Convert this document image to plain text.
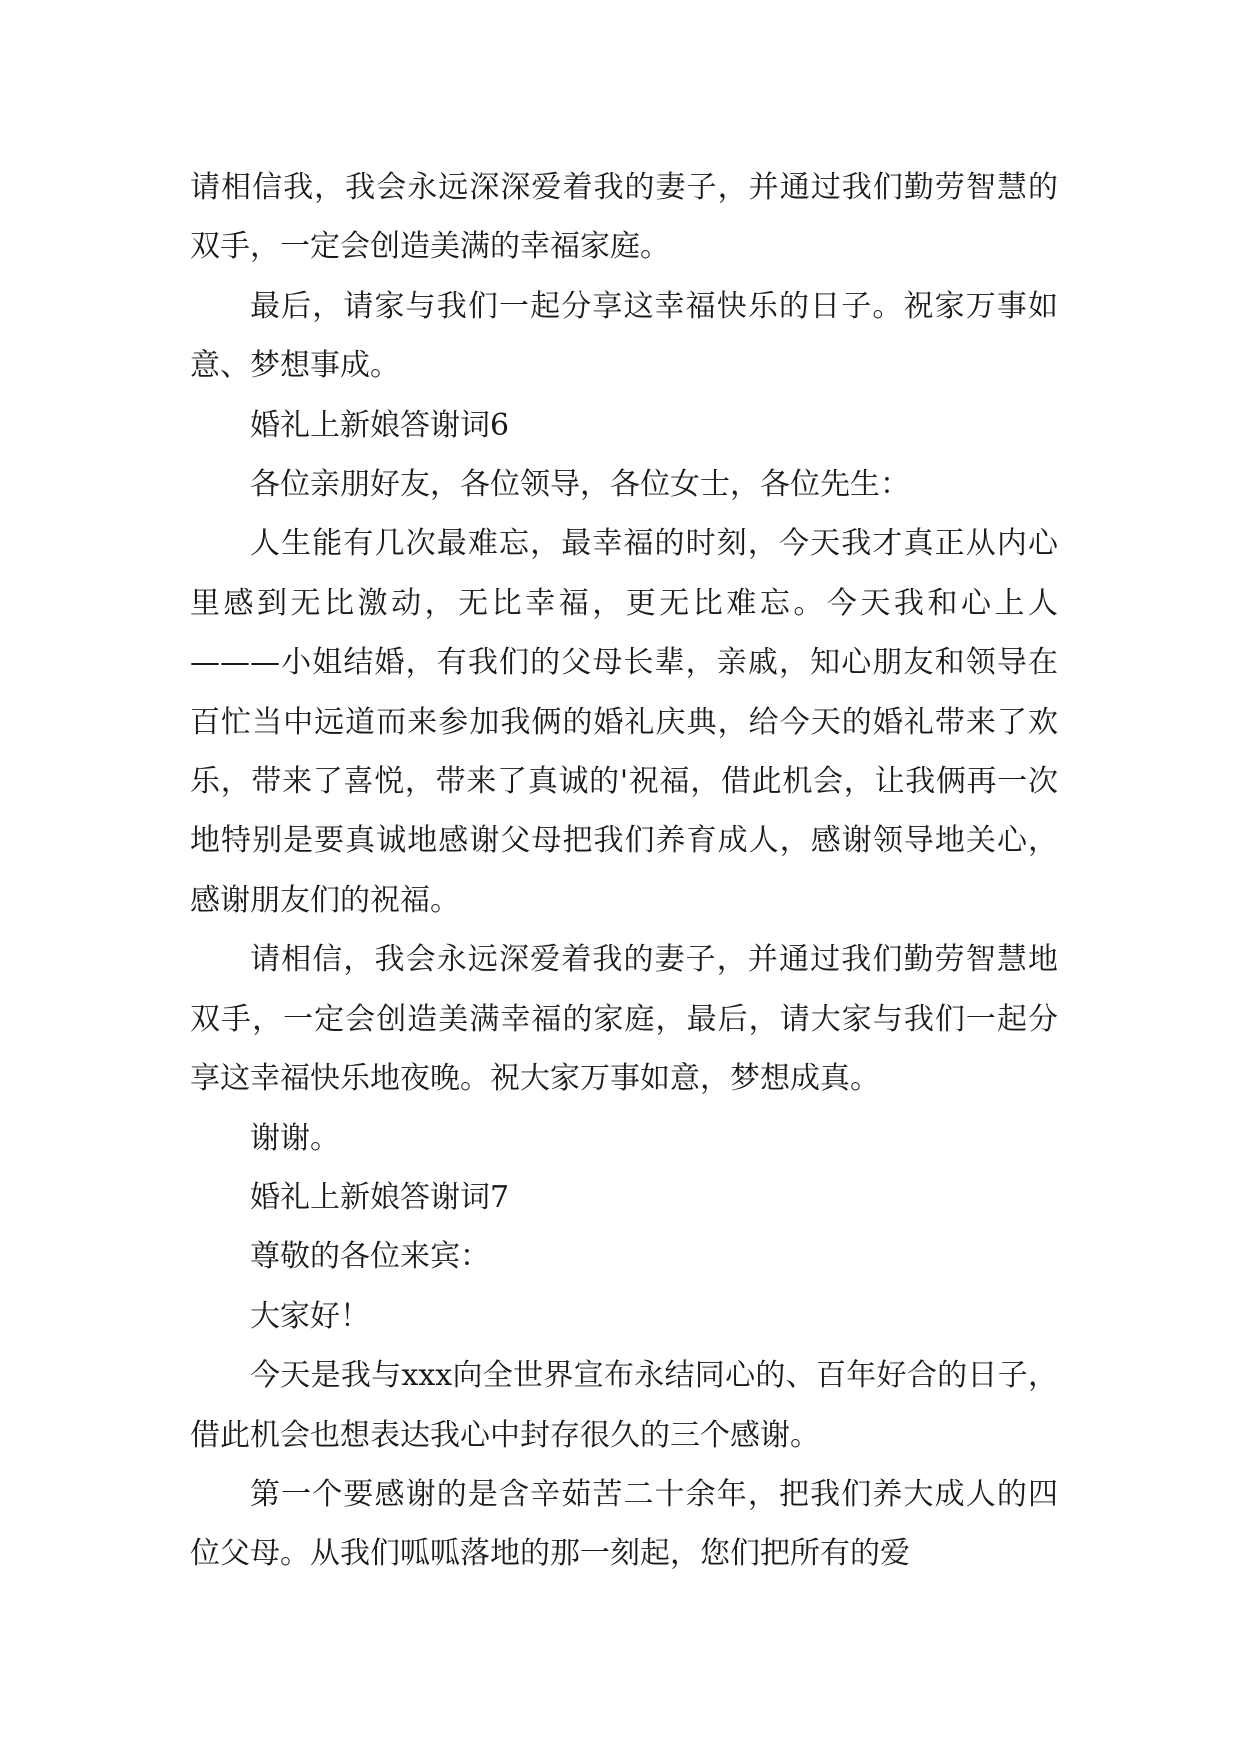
请相信我，我会永远深深爱着我的妻子，并通过我们勤劳智慧的双手，一定会创造美满的幸福家庭。

最后，请家与我们一起分享这幸福快乐的日子。祝家万事如意、梦想事成。

婚礼上新娘答谢词6

各位亲朋好友，各位领导，各位女士，各位先生：

人生能有几次最难忘，最幸福的时刻，今天我才真正从内心里感到无比激动，无比幸福，更无比难忘。今天我和心上人———小姐结婚，有我们的父母长辈，亲戚，知心朋友和领导在百忙当中远道而来参加我俩的婚礼庆典，给今天的婚礼带来了欢乐，带来了喜悦，带来了真诚的'祝福，借此机会，让我俩再一次地特别是要真诚地感谢父母把我们养育成人，感谢领导地关心，感谢朋友们的祝福。

请相信，我会永远深爱着我的妻子，并通过我们勤劳智慧地双手，一定会创造美满幸福的家庭，最后，请大家与我们一起分享这幸福快乐地夜晚。祝大家万事如意，梦想成真。

谢谢。

婚礼上新娘答谢词7

尊敬的各位来宾：

大家好！

今天是我与xxx向全世界宣布永结同心的、百年好合的日子，借此机会也想表达我心中封存很久的三个感谢。

第一个要感谢的是含辛茹苦二十余年，把我们养大成人的四位父母。从我们呱呱落地的那一刻起，您们把所有的爱
